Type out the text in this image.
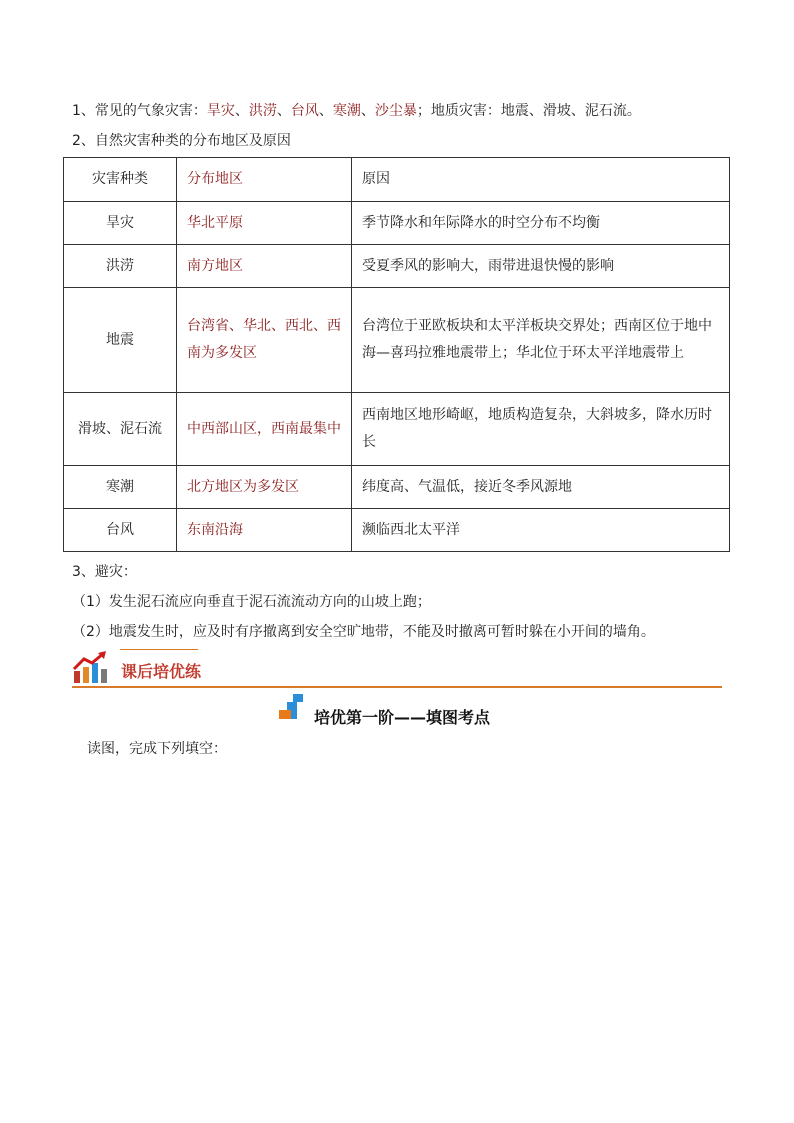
1、常见的气象灾害：旱灾、洪涝、台风、寒潮、沙尘暴；地质灾害：地震、滑坡、泥石流。
2、自然灾害种类的分布地区及原因
灾害种类	分布地区	原因
旱灾	华北平原	季节降水和年际降水的时空分布不均衡
洪涝	南方地区	受夏季风的影响大，雨带进退快慢的影响
地震	台湾省、华北、西北、西南为多发区	台湾位于亚欧板块和太平洋板块交界处；西南区位于地中海—喜玛拉雅地震带上；华北位于环太平洋地震带上
滑坡、泥石流	中西部山区，西南最集中	西南地区地形崎岖，地质构造复杂，大斜坡多，降水历时长
寒潮	北方地区为多发区	纬度高、气温低，接近冬季风源地
台风	东南沿海	濒临西北太平洋
3、避灾：
（1）发生泥石流应向垂直于泥石流流动方向的山坡上跑；
（2）地震发生时，应及时有序撤离到安全空旷地带，不能及时撤离可暂时躲在小开间的墙角。
课后培优练
培优第一阶——填图考点
读图，完成下列填空：
